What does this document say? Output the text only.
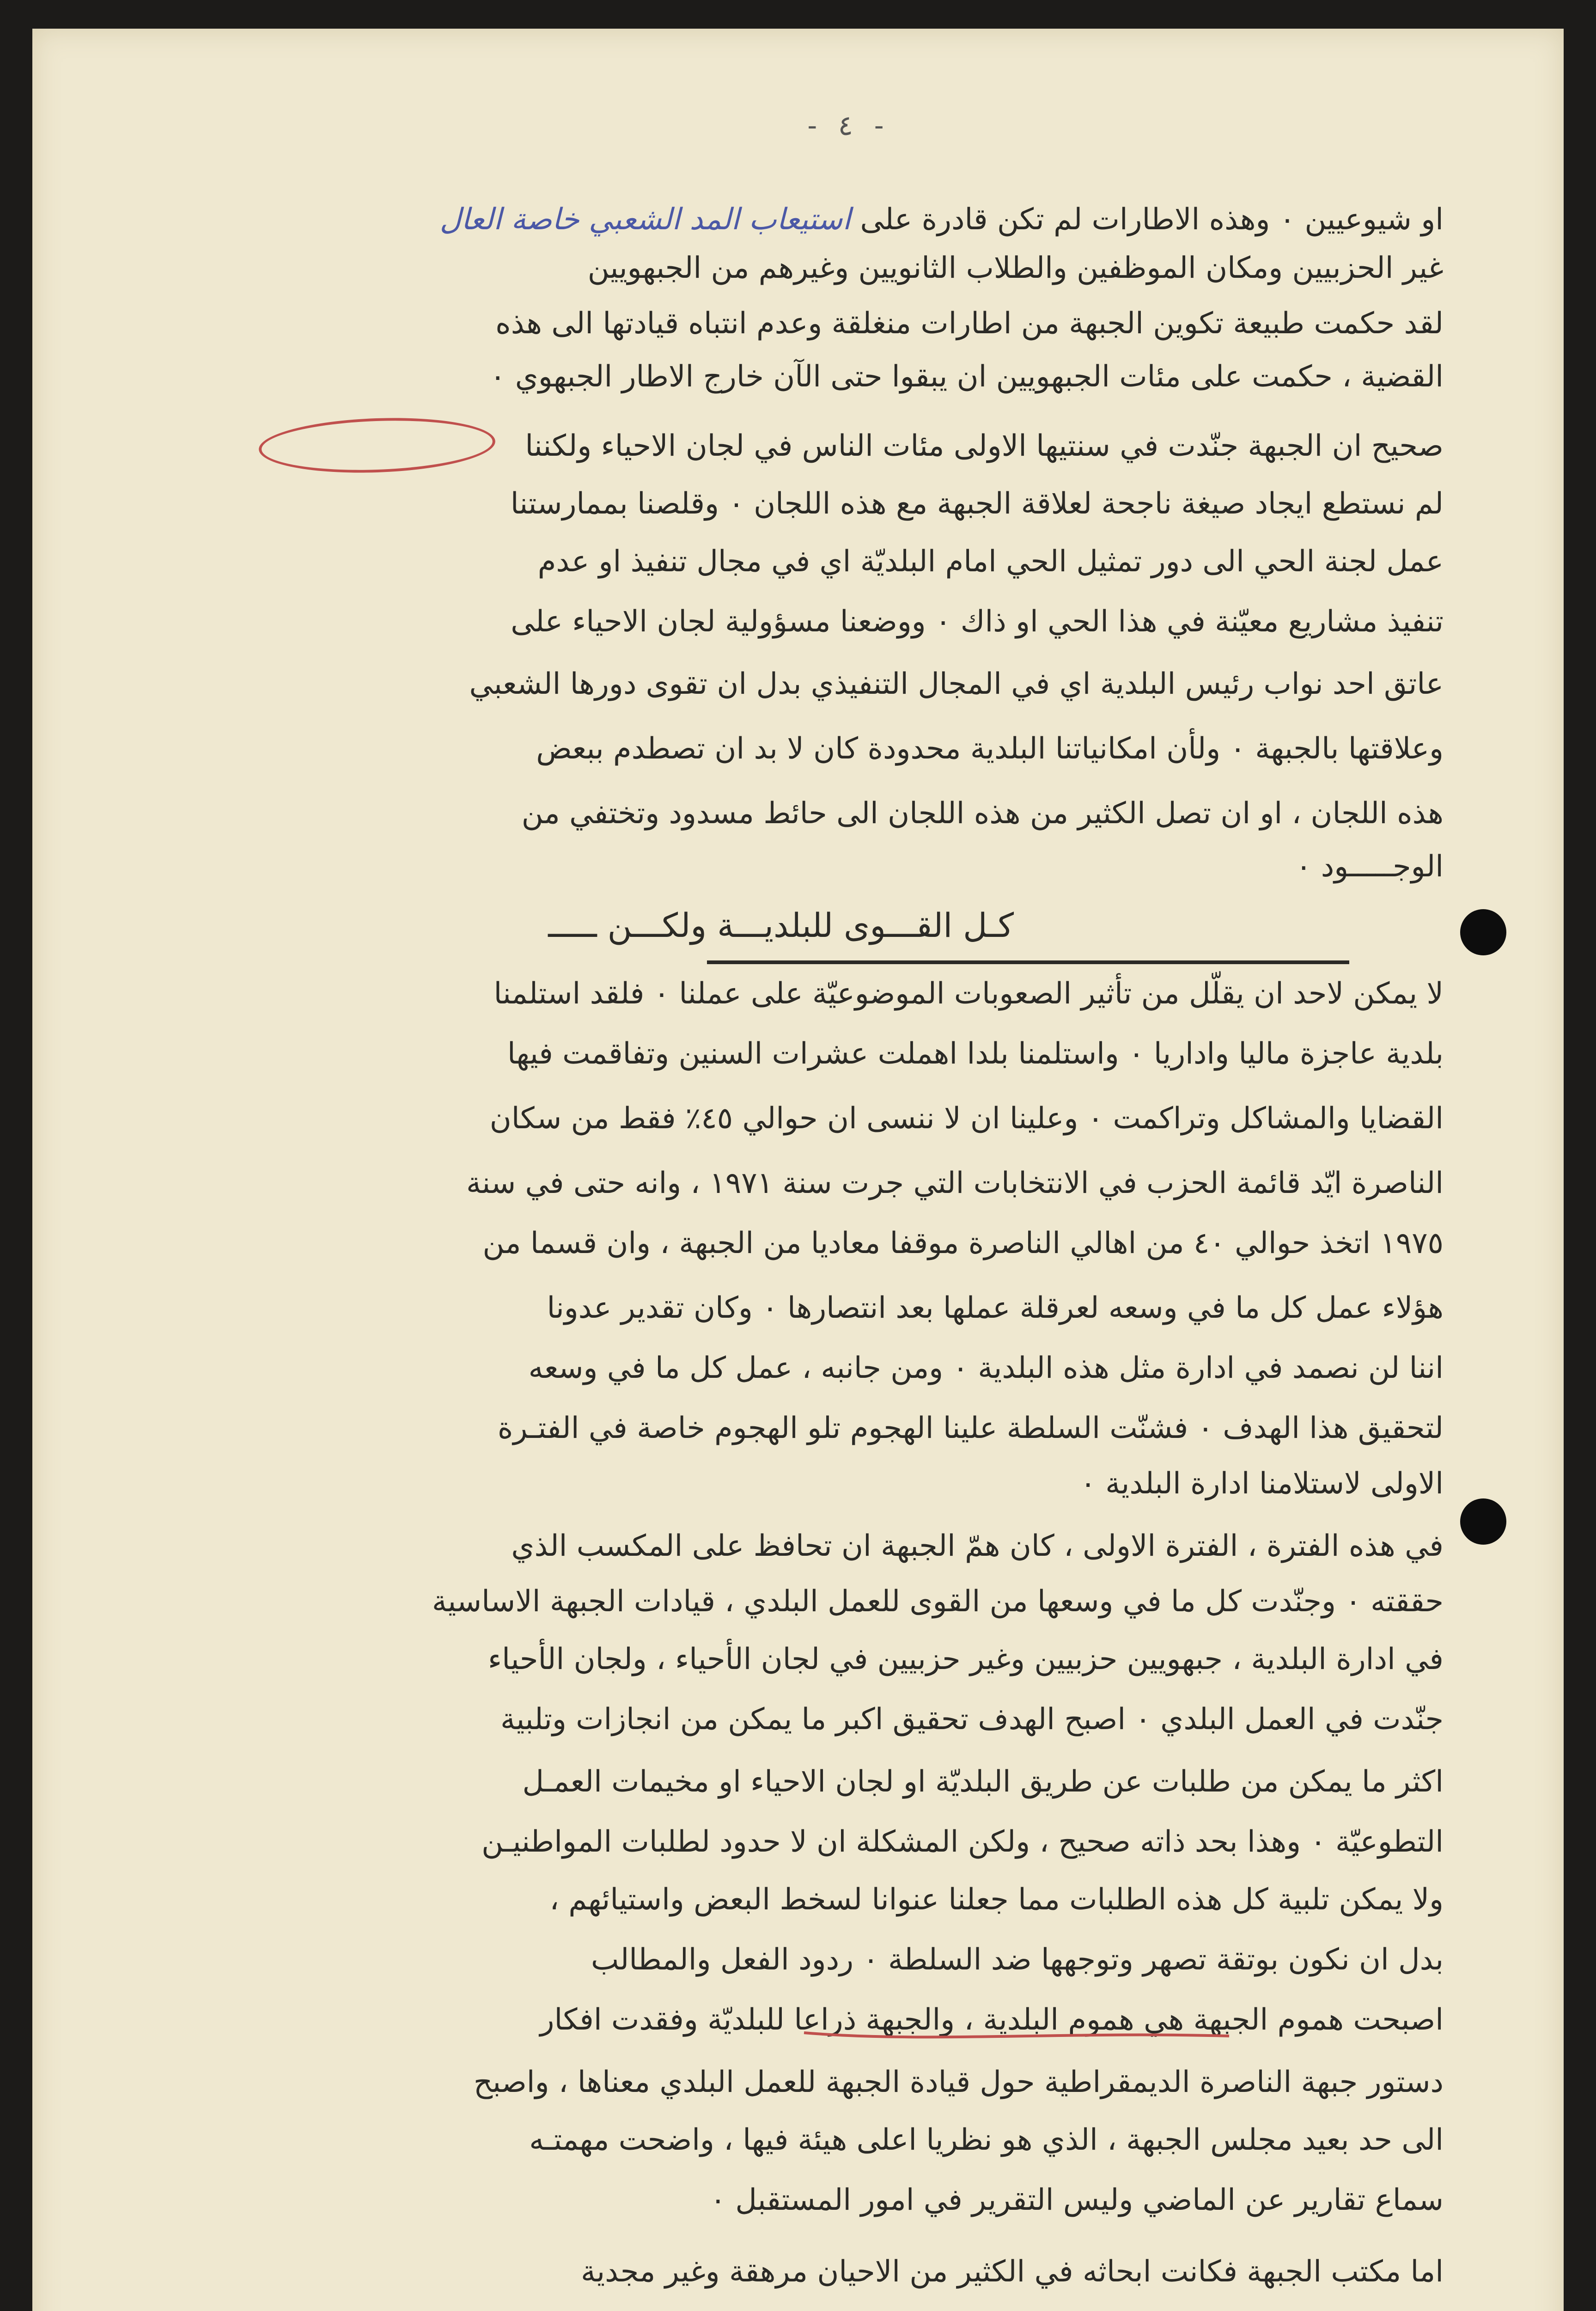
- ٤ -
او شيوعيين ٠ وهذه الاطارات لم تكن قادرة على استيعاب المد الشعبي خاصة العال
غير الحزبيين ومكان الموظفين والطلاب الثانويين وغيرهم من الجبهويين
لقد حكمت طبيعة تكوين الجبهة من اطارات منغلقة وعدم انتباه قيادتها الى هذه
القضية ، حكمت على مئات الجبهويين ان يبقوا حتى الآن خارج الاطار الجبهوي ٠
صحيح ان الجبهة جنّدت في سنتيها الاولى مئات الناس في لجان الاحياء ولكننا
لم نستطع ايجاد صيغة ناجحة لعلاقة الجبهة مع هذه اللجان ٠ وقلصنا بممارستنا
عمل لجنة الحي الى دور تمثيل الحي امام البلديّة اي في مجال تنفيذ او عدم
تنفيذ مشاريع معيّنة في هذا الحي او ذاك ٠ ووضعنا مسؤولية لجان الاحياء على
عاتق احد نواب رئيس البلدية اي في المجال التنفيذي بدل ان تقوى دورها الشعبي
وعلاقتها بالجبهة ٠ ولأن امكانياتنا البلدية محدودة كان لا بد ان تصطدم ببعض
هذه اللجان ، او ان تصل الكثير من هذه اللجان الى حائط مسدود وتختفي من
الوجـــــود ٠
كـل القـــوى للبلديـــة ولكـــن ـــــ
لا يمكن لاحد ان يقلّل من تأثير الصعوبات الموضوعيّة على عملنا ٠ فلقد استلمنا
بلدية عاجزة ماليا واداريا ٠ واستلمنا بلدا اهملت عشرات السنين وتفاقمت فيها
القضايا والمشاكل وتراكمت ٠ وعلينا ان لا ننسى ان حوالي ٤٥٪ فقط من سكان
الناصرة ايّد قائمة الحزب في الانتخابات التي جرت سنة ١٩٧١ ، وانه حتى في سنة
١٩٧٥ اتخذ حوالي ٤٠ من اهالي الناصرة موقفا معاديا من الجبهة ، وان قسما من
هؤلاء عمل كل ما في وسعه لعرقلة عملها بعد انتصارها ٠ وكان تقدير عدونا
اننا لن نصمد في ادارة مثل هذه البلدية ٠ ومن جانبه ، عمل كل ما في وسعه
لتحقيق هذا الهدف ٠ فشنّت السلطة علينا الهجوم تلو الهجوم خاصة في الفتـرة
الاولى لاستلامنا ادارة البلدية ٠
في هذه الفترة ، الفترة الاولى ، كان همّ الجبهة ان تحافظ على المكسب الذي
حققته ٠ وجنّدت كل ما في وسعها من القوى للعمل البلدي ، قيادات الجبهة الاساسية
في ادارة البلدية ، جبهويين حزبيين وغير حزبيين في لجان الأحياء ، ولجان الأحياء
جنّدت في العمل البلدي ٠ اصبح الهدف تحقيق اكبر ما يمكن من انجازات وتلبية
اكثر ما يمكن من طلبات عن طريق البلديّة او لجان الاحياء او مخيمات العمـل
التطوعيّة ٠ وهذا بحد ذاته صحيح ، ولكن المشكلة ان لا حدود لطلبات المواطنيـن
ولا يمكن تلبية كل هذه الطلبات مما جعلنا عنوانا لسخط البعض واستيائهم ،
بدل ان نكون بوتقة تصهر وتوجهها ضد السلطة ٠ ردود الفعل والمطالب
اصبحت هموم الجبهة هي هموم البلدية ، والجبهة ذراعا للبلديّة وفقدت افكار
دستور جبهة الناصرة الديمقراطية حول قيادة الجبهة للعمل البلدي معناها ، واصبح
الى حد بعيد مجلس الجبهة ، الذي هو نظريا اعلى هيئة فيها ، واضحت مهمتـه
سماع تقارير عن الماضي وليس التقرير في امور المستقبل ٠
اما مكتب الجبهة فكانت ابحاثه في الكثير من الاحيان مرهقة وغير مجدية
